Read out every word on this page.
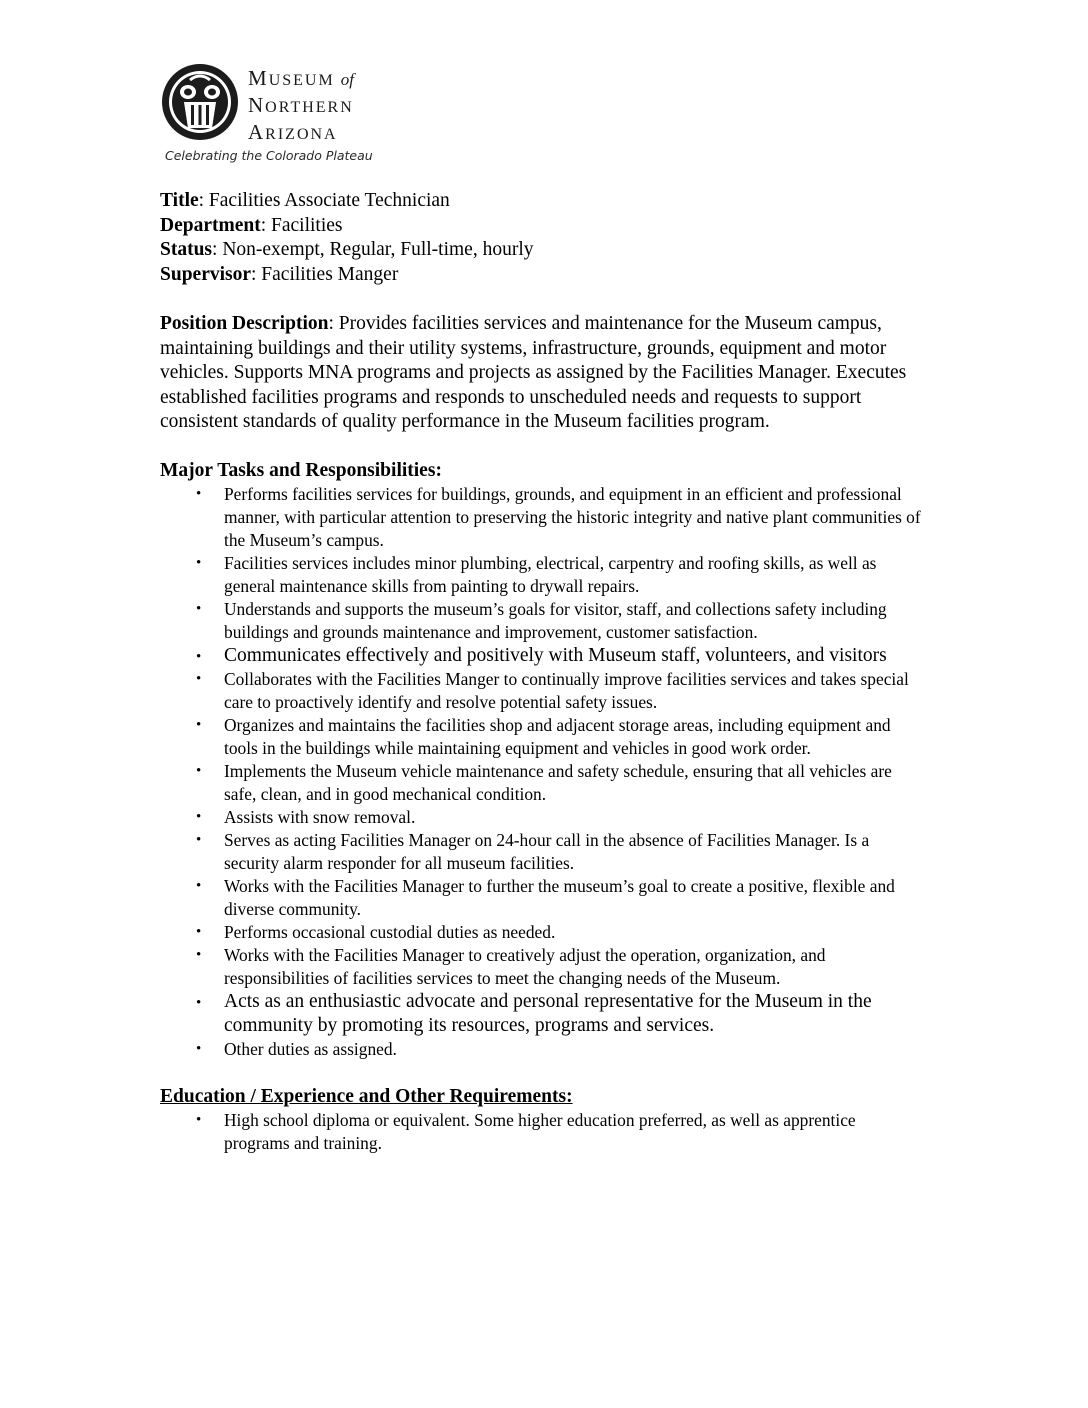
MUSEUM of
NORTHERN
ARIZONA
Celebrating the Colorado Plateau

Title: Facilities Associate Technician

Department: Facilities

Status: Non-exempt, Regular, Full-time, hourly

Supervisor: Facilities Manger

Position Description: Provides facilities services and maintenance for the Museum campus, maintaining buildings and their utility systems, infrastructure, grounds, equipment and motor vehicles. Supports MNA programs and projects as assigned by the Facilities Manager. Executes established facilities programs and responds to unscheduled needs and requests to support consistent standards of quality performance in the Museum facilities program.

Major Tasks and Responsibilities:
• Performs facilities services for buildings, grounds, and equipment in an efficient and professional manner, with particular attention to preserving the historic integrity and native plant communities of the Museum’s campus.
• Facilities services includes minor plumbing, electrical, carpentry and roofing skills, as well as general maintenance skills from painting to drywall repairs.
• Understands and supports the museum’s goals for visitor, staff, and collections safety including buildings and grounds maintenance and improvement, customer satisfaction.
• Communicates effectively and positively with Museum staff, volunteers, and visitors
• Collaborates with the Facilities Manger to continually improve facilities services and takes special care to proactively identify and resolve potential safety issues.
• Organizes and maintains the facilities shop and adjacent storage areas, including equipment and tools in the buildings while maintaining equipment and vehicles in good work order.
• Implements the Museum vehicle maintenance and safety schedule, ensuring that all vehicles are safe, clean, and in good mechanical condition.
• Assists with snow removal.
• Serves as acting Facilities Manager on 24-hour call in the absence of Facilities Manager. Is a security alarm responder for all museum facilities.
• Works with the Facilities Manager to further the museum’s goal to create a positive, flexible and diverse community.
• Performs occasional custodial duties as needed.
• Works with the Facilities Manager to creatively adjust the operation, organization, and responsibilities of facilities services to meet the changing needs of the Museum.
• Acts as an enthusiastic advocate and personal representative for the Museum in the community by promoting its resources, programs and services.
• Other duties as assigned.
Education / Experience and Other Requirements:
• High school diploma or equivalent. Some higher education preferred, as well as apprentice programs and training.
